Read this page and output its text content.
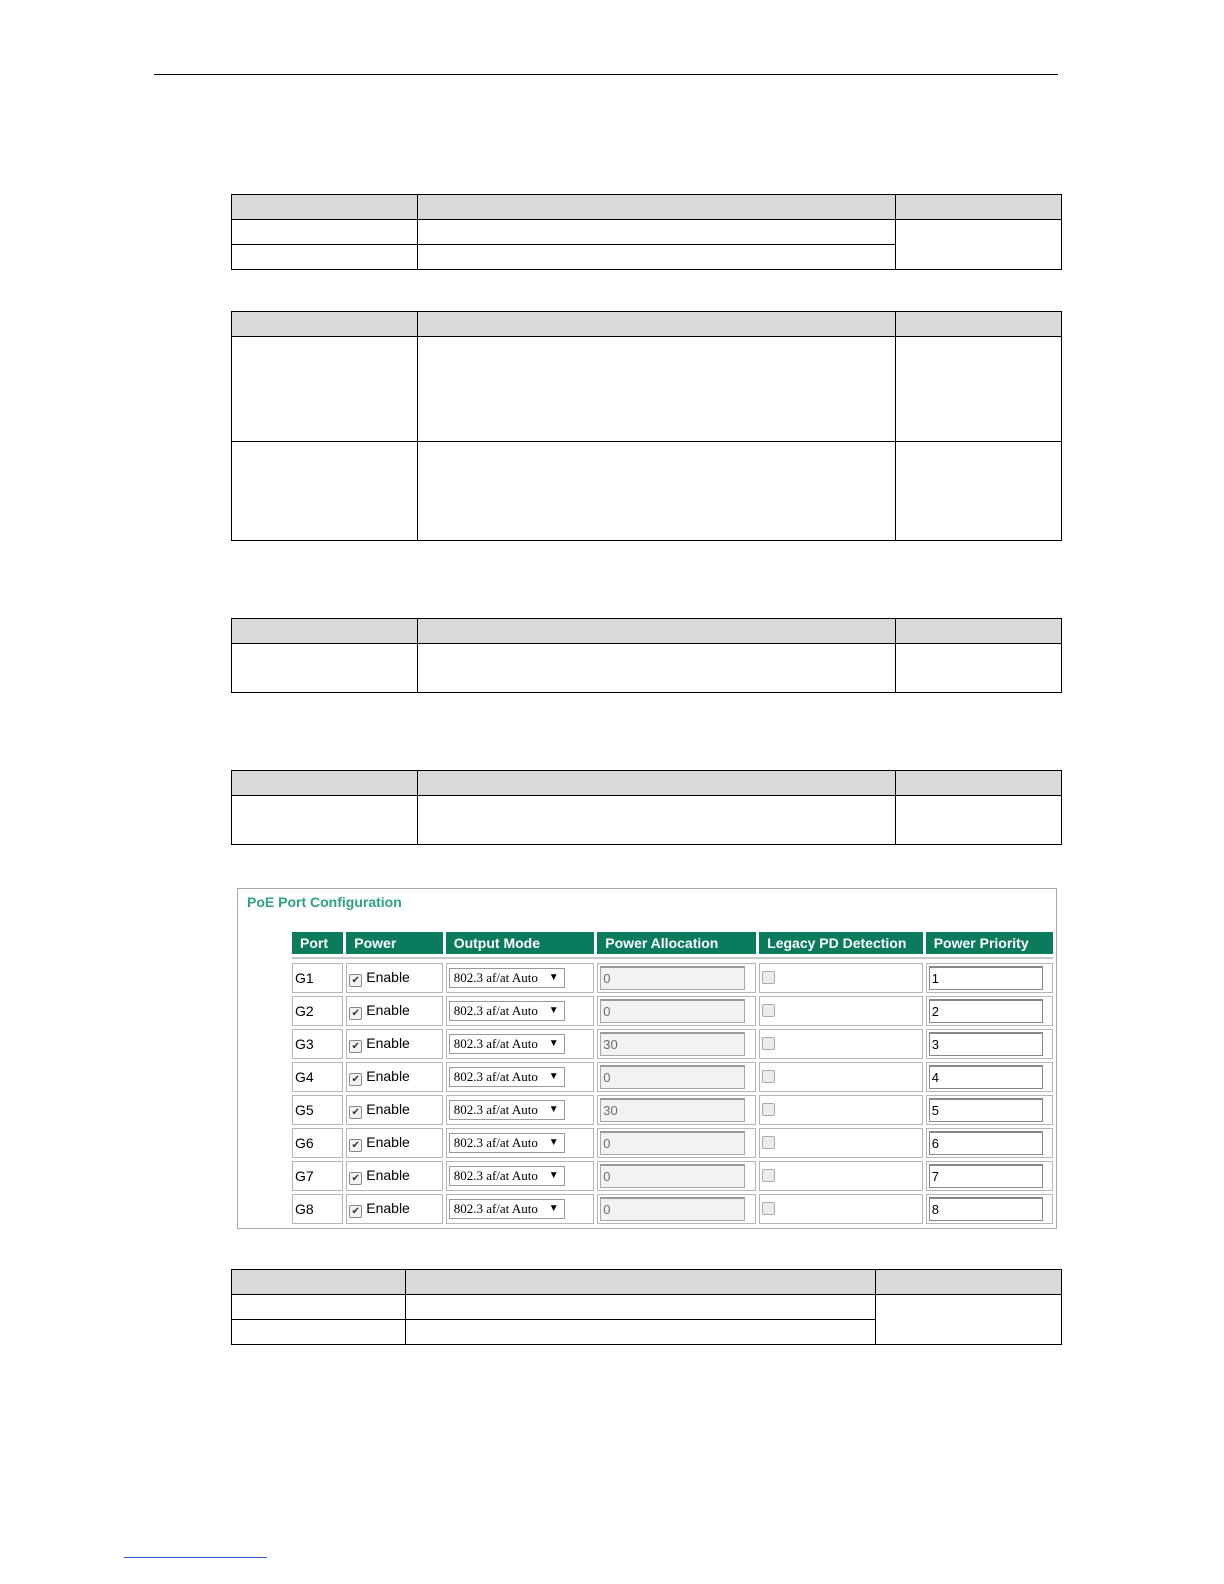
PoE Port Configuration
Port	Power	Output Mode	Power Allocation	Legacy PD Detection	Power Priority

G1	✔ Enable	802.3 af/at Auto ▼	0		1
G2	✔ Enable	802.3 af/at Auto ▼	0		2
G3	✔ Enable	802.3 af/at Auto ▼	30		3
G4	✔ Enable	802.3 af/at Auto ▼	0		4
G5	✔ Enable	802.3 af/at Auto ▼	30		5
G6	✔ Enable	802.3 af/at Auto ▼	0		6
G7	✔ Enable	802.3 af/at Auto ▼	0		7
G8	✔ Enable	802.3 af/at Auto ▼	0		8
